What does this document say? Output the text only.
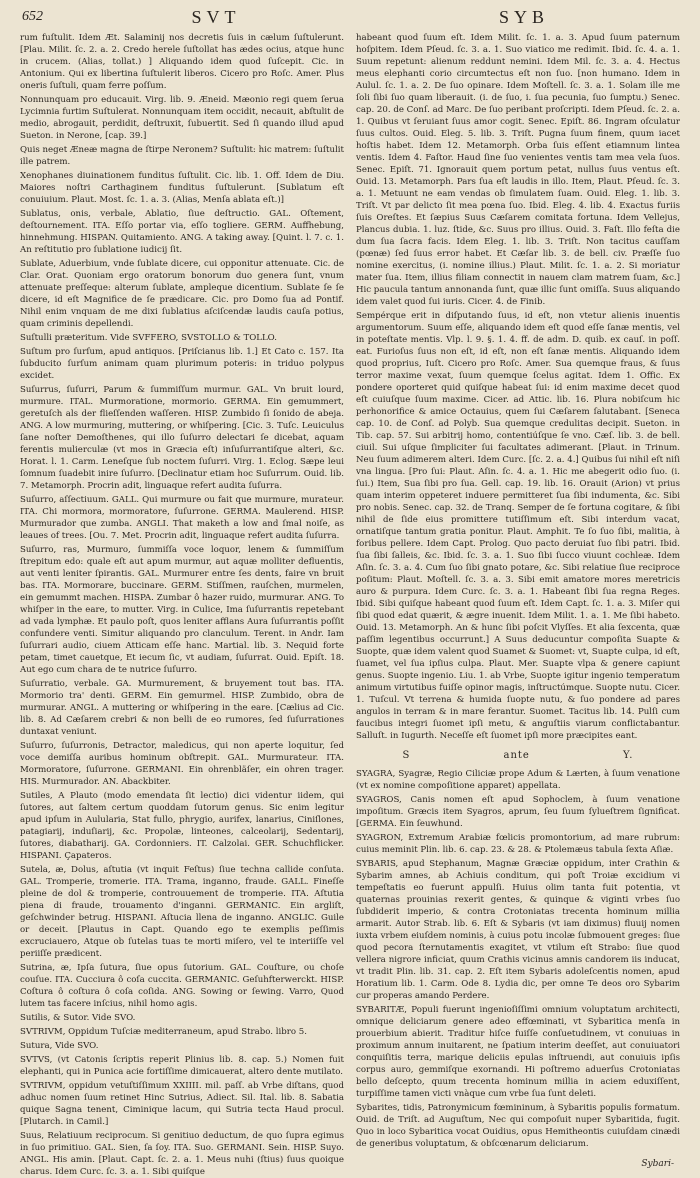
652	SVT	SYB

rum fuſtulit. Idem Æt. Salaminij nos decretis ſuis in cælum ſuſtulerunt. [Plau. Milit. ſc. 2. a. 2. Credo herele ſuſtollat has ædes ocius, atque hunc in crucem. (Alias, tollat.) ] Aliquando idem quod ſuſcepit. Cic. in Antonium. Qui ex libertina ſuſtulerit liberos. Cicero pro Roſc. Amer. Plus oneris ſuſtuli, quam ferre poſſum.

Nonnunquam pro educauit. Virg. lib. 9. Æneid. Mæonio regi quem ſerua Lycimnia furtim Suſtulerat. Nonnunquam item occidit, necauit, abſtulit de medio, abrogauit, perdidit, deſtruxit, ſubuertit. Sed ſi quando illud apud Sueton. in Nerone, [cap. 39.]

Quis neget Æneæ magna de ſtirpe Neronem? Suſtulit: hic matrem: ſuſtulit ille patrem.

Xenophanes diuinationem funditus ſuſtulit. Cic. lib. 1. Off. Idem de Diu. Maiores noſtri Carthaginem funditus ſuſtulerunt. [Sublatum eſt conuiuium. Plaut. Most. ſc. 1. a. 3. (Alias, Menſa ablata eſt.)]

Sublatus, onis, verbale, Ablatio, ſiue deſtructio. GAL. Oſtement, deſtournement. ITA. Eſſo portar via, eſſo togliere. GERM. Auffhebung, hinnehmung. HISPAN. Quitamiento. ANG. A taking away. [Quint. l. 7. c. 1. An reſtitutio pro ſublatione iudicij ſit.

Sublate, Aduerbium, vnde ſublate dicere, cui opponitur attenuate. Cic. de Clar. Orat. Quoniam ergo oratorum bonorum duo genera ſunt, vnum attenuate preſſeque: alterum ſublate, ampleque dicentium. Sublate ſe ſe dicere, id eſt Magnifice de ſe prædicare. Cic. pro Domo ſua ad Pontif. Nihil enim vnquam de me dixi ſublatius aſciſcendæ laudis cauſa potius, quam criminis depellendi.

Suſtulli præteritum. Vide SVFFERO, SVSTOLLO & TOLLO.

Suſtum pro ſurſum, apud antiquos. [Priſcianus lib. 1.] Et Cato c. 157. Ita ſubducito ſurſum animam quam plurimum poteris: in triduo polypus excidet.

Suſurrus, ſuſurri, Parum & ſummiſſum murmur. GAL. Vn bruit lourd, murmure. ITAL. Murmoratione, mormorio. GERMA. Ein gemummert, geretuſch als der flieſſenden waſſeren. HISP. Zumbido ſi ſonido de abeja. ANG. A low murmuring, muttering, or whiſpering. [Cic. 3. Tuſc. Leuiculus ſane noſter Demoſthenes, qui illo ſuſurro delectari ſe dicebat, aquam ferentis mulierculæ (vt mos in Græcia eſt) inſuſurrantiſque alteri, &c. Horat. l. 1. Carm. Leneſque ſub noctem ſuſurri. Virg. 1. Eclog. Sæpe leui ſomnum ſuadebit inire ſuſurro. [Declinatur etiam hoc Suſurrum. Ouid. lib. 7. Metamorph. Procrin adit, linguaque refert audita ſuſurra.

Suſurro, aſſectiuum. GALL. Qui murmure ou fait que murmure, murateur. ITA. Chi mormora, mormoratore, ſuſurrone. GERMA. Maulerend. HISP. Murmurador que zumba. ANGLI. That maketh a low and ſmal noiſe, as leaues of trees. [Ou. 7. Met. Procrin adit, linguaque refert audita ſuſurra.

Suſurro, ras, Murmuro, ſummiſſa voce loquor, lenem & ſummiſſum ſtrepitum edo: quale eſt aut apum murmur, aut aquæ molliter defluentis, aut venti leniter ſpirantis. GAL. Murmurer entre ſes dents, faire vn bruit bas. ITA. Mormorare, buccinare. GERM. Stiſſmen, rauſchen, murmelen, ein gemummt machen. HISPA. Zumbar ô hazer ruido, murmurar. ANG. To whiſper in the eare, to mutter. Virg. in Culice, Ima ſuſurrantis repetebant ad vada lymphæ. Et paulo poſt, quos leniter afflans Aura ſuſurrantis poſſit confundere venti. Simitur aliquando pro clanculum. Terent. in Andr. Iam ſuſurrari audio, ciuem Atticam eſſe hanc. Martial. lib. 3. Nequid forte petam, timet cauetque, Et iecum ſic, vt audiam, ſuſurrat. Ouid. Epiſt. 18. Aut ego cum chara de te nutrice ſuſurro.

Suſurratio, verbale. GA. Murmurement, & bruyement tout bas. ITA. Mormorio tra' denti. GERM. Ein gemurmel. HISP. Zumbido, obra de murmurar. ANGL. A muttering or whiſpering in the eare. [Cælius ad Cic. lib. 8. Ad Cæſarem crebri & non belli de eo rumores, ſed ſuſurrationes duntaxat veniunt.

Suſurro, ſuſurronis, Detractor, maledicus, qui non aperte loquitur, ſed voce demiſſa auribus hominum obſtrepit. GAL. Murmurateur. ITA. Mormoratore, ſuſurrone. GERMANI. Ein ohrenbläſer, ein ohren trager. HIS. Murmurador. AN. Abackbiter.

Sutiles, A Plauto (modo emendata ſit lectio) dici videntur iidem, qui ſutores, aut ſaltem certum quoddam ſutorum genus. Sic enim legitur apud ipſum in Aulularia, Stat fullo, phrygio, aurifex, lanarius, Ciniſlones, patagiarij, induſiarij, &c. Propolæ, linteones, calceolarij, Sedentarij, ſutores, diabatharij. GA. Cordonniers. IT. Calzolai. GER. Schuchflicker. HISPANI. Çapateros.

Sutela, æ, Dolus, aſtutia (vt inquit Feſtus) ſiue techna callide conſuta. GAL. Tromperie, tromerie. ITA. Trama, inganno, fraude. GALL. Fineſſe pleine de dol & tromperie, controuuement de tromperie. ITA. Aſtutia piena di fraude, trouamento d'inganni. GERMANIC. Ein argliſt, geſchwinder betrug. HISPANI. Aſtucia llena de inganno. ANGLIC. Guile or deceit. [Plautus in Capt. Quando ego te exemplis peſſimis excruciauero, Atque ob ſutelas tuas te morti miſero, vel te interiiſſe vel periiſſe prædicent.

Sutrina, æ, Ipſa ſutura, ſiue opus ſutorium. GAL. Couſture, ou choſe couſue. ITA. Cucciura ô coſa cuccita. GERMANIC. Geſuhfterwerckt. HISP. Coſtura ô coſtura ô coſa coſida. ANG. Sowing or ſewing. Varro, Quod lutem tas facere inſcius, nihil homo agis.

Sutilis, & Sutor. Vide SVO.

SVTRIVM, Oppidum Tuſciæ mediterraneum, apud Strabo. libro 5.

Sutura, Vide SVO.

SVTVS, (vt Catonis ſcriptis reperit Plinius lib. 8. cap. 5.) Nomen fuit elephanti, qui in Punica acie fortiſſime dimicauerat, altero dente mutilato.

SVTRIVM, oppidum vetuſtiſſimum XXIIII. mil. paſſ. ab Vrbe diſtans, quod adhuc nomen ſuum retinet Hinc Sutrius, Adiect. Sil. Ital. lib. 8. Sabatia quique Sagna tenent, Ciminique lacum, qui Sutria tecta Haud procul. [Plutarch. in Camil.]

Suus, Relatiuum reciprocum. Si genitiuo deductum, de quo ſupra egimus in ſuo primitiuo. GAL. Sien, ſa ſoy. ITA. Suo. GERMANI. Sein. HISP. Suyo. ANGL. His amin. [Plaut. Capt. ſc. 2. a. 1. Meus nuhi (ſtius) ſuus quoique charus. Idem Curc. ſc. 3. a. 1. Sibi quiſque

habeant quod ſuum eſt. Idem Milit. ſc. 1. a. 3. Apud ſuum paternum hoſpitem. Idem Pſeud. ſc. 3. a. 1. Suo viatico me redimit. Ibid. ſc. 4. a. 1. Suum repetunt: alienum reddunt nemini. Idem Mil. ſc. 3. a. 4. Hectus meus elephanti corio circumtectus eſt non ſuo. [non humano. Idem in Aulul. ſc. 1. a. 2. De ſuo opinare. Idem Moſtell. ſc. 3. a. 1. Solam ille me ſoli ſibi ſuo quam liberauit. (i. de ſuo, i. ſua pecunia, ſuo ſumptu.) Senec. cap. 20. de Conſ. ad Marc. De ſuo peribant proſcripti. Idem Pſeud. ſc. 2. a. 1. Quibus vt ſeruiant ſuus amor cogit. Senec. Epiſt. 86. Ingram oſculatur ſuus cultos. Ouid. Eleg. 5. lib. 3. Triſt. Pugna ſuum finem, quum iacet hoſtis habet. Idem 12. Metamorph. Orba ſuis eſſent etiamnum lintea ventis. Idem 4. Faſtor. Haud ſine ſuo venientes ventis tam mea vela ſuos. Senec. Epiſt. 71. Ignorauit quem portum petat, nullus ſuus ventus eſt. Ouid. 13. Metamorph. Pars ſua eſt laudis in illo. Item, Plaut. Pſeud. ſc. 3. a. 1. Metuunt ne eam vendas ob ſimulatem ſuam. Ouid. Eleg. 1. lib. 3. Triſt. Vt par delicto ſit mea pœna ſuo. Ibid. Eleg. 4. lib. 4. Exactus furiis ſuis Oreſtes. Et ſæpius Suus Cæſarem comitata fortuna. Idem Vellejus, Plancus dubia. 1. luz. ſtide, &c. Suus pro illius. Ouid. 3. Faſt. Illo feſta die dum ſua ſacra facis. Idem Eleg. 1. lib. 3. Triſt. Non tacitus cauſſam (pœnæ) ſed ſuus error habet. Et Cæſar lib. 3. de bell. civ. Præſſe ſuo nomine exercitus, (i. nomine illius.) Plaut. Milit. ſc. 1. a. 2. Si moriatur mater ſua. Item, illius filiam connectit in nauem clam matrem ſuam, &c.] Hic paucula tantum annonanda ſunt, quæ illic ſunt omiſſa. Suus aliquando idem valet quod ſui iuris. Cicer. 4. de Finib.

Sempérque erit in diſputando ſuus, id eſt, non vtetur alienis inuentis argumentorum. Suum eſſe, aliquando idem eſt quod eſſe ſanæ mentis, vel in poteſtate mentis. Vlp. l. 9. §. 1. 4. ff. de adm. D. quib. ex cauſ. in poſſ. eat. Furioſus ſuus non eſt, id eſt, non eſt ſanæ mentis. Aliquando idem quod proprius, Iuſt. Cicero pro Roſc. Amer. Sua quemque fraus, & ſuus terror maxime vexat, ſuum quemque ſcelus agitat. Idem 1. Offic. Ex pondere oporteret quid quiſque habeat ſui: id enim maxime decet quod eſt cuiuſque ſuum maxime. Cicer. ad Attic. lib. 16. Plura nobiſcum hic perhonorifice & amice Octauius, quem ſui Cæſarem ſalutabant. [Seneca cap. 10. de Conſ. ad Polyb. Sua quemque credulitas decipit. Sueton. in Tib. cap. 57. Sui arbitrij homo, contentiúſque ſe vno. Cæſ. lib. 3. de bell. ciuil. Sui uſque ſimpliciter ſui facultates adimerant. [Plaut. in Trinum. Neu ſuum adimerem alteri. Idem Curc. [ſc. 2. a. 4.] Quibus ſui nihil eſt niſi vna lingua. [Pro ſui: Plaut. Aſin. ſc. 4. a. 1. Hic me abegerit odio ſuo. (i. ſui.) Item, Sua ſibi pro ſua. Gell. cap. 19. lib. 16. Orauit (Arion) vt prius quam interim oppeteret induere permitteret ſua ſibi indumenta, &c. Sibi pro nobis. Senec. cap. 32. de Tranq. Semper de ſe fortuna cogitare, & ſibi nihil de ſide eius promittere tutiſſimum eſt. Sibi interdum vacat, ornatiſque tantum gratia ponitur. Plaut. Amphit. Te ſo ſuo ſibi, malitia, à foribus pellere. Idem Capt. Prolog. Quo pacto deruiat ſuo ſibi patri. Ibid. ſua ſibi ſalleis, &c. Ibid. ſc. 3. a. 1. Suo ſibi ſucco viuunt cochleæ. Idem Aſin. ſc. 3. a. 4. Cum ſuo ſibi gnato potare, &c. Sibi relatiue ſiue reciproce poſitum: Plaut. Moſtell. ſc. 3. a. 3. Sibi emit amatore mores meretricis auro & purpura. Idem Curc. ſc. 3. a. 1. Habeant ſibi ſua regna Reges. Ibid. Sibi quiſque habeant quod ſuum eſt. Idem Capt. ſc. 1. a. 3. Miſer qui ſibi quod edat quærit, & ægre inuenit. Idem Milit. 1. a. 1. Me ſibi habeto. Ouid. 13. Metamorph. An & hunc ſibi poſcit Vlyſſes. Et alia ſexcenta, quæ paſſim legentibus occurrunt.] A Suus deducuntur compoſita Suapte & Suopte, quæ idem valent quod Suamet & Suomet: vt, Suapte culpa, id eſt, ſuamet, vel ſua ipſius culpa. Plaut. Mer. Suapte vlpa & genere capiunt genus. Suopte ingenio. Liu. 1. ab Vrbe, Suopte igitur ingenio temperatum animum virtutibus fuiſſe opinor magis, inſtructúmque. Suopte nutu. Cicer. 1. Tuſcul. Vt terrena & humida ſuopte nutu, & ſuo pondere ad pares angulos in terram & in mare ferantur. Suomet. Tacitus lib. 14. Pulſi cum faucibus integri ſuomet ipſi metu, & anguſtiis viarum conflictabantur. Salluſt. in Iugurth. Neceſſe eſt ſuomet ipſi more præcipites eant.

S	ante	Y.

SYAGRA, Syagræ, Regio Ciliciæ prope Adum & Lærten, à ſuum venatione (vt ex nomine compoſitione apparet) appellata.

SYAGROS, Canis nomen eſt apud Sophoclem, à ſuum venatione impoſitum. Græcis item Syagros, aprum, ſeu ſuum ſylueſtrem ſignificat. [GERMA. Ein ſeuwhund.

SYAGRON, Extremum Arabiæ fœlicis promontorium, ad mare rubrum: cuius meminit Plin. lib. 6. cap. 23. & 28. & Ptolemæus tabula ſexta Aſiæ.

SYBARIS, apud Stephanum, Magnæ Græciæ oppidum, inter Crathin & Sybarim amnes, ab Achiuis conditum, qui poſt Troiæ excidium vi tempeſtatis eo fuerunt appulſi. Huius olim tanta fuit potentia, vt quaternas prouinias rexerit gentes, & quinque & viginti vrbes ſuo ſubdiderit imperio, & contra Crotoniatas trecenta hominum millia armarit. Autor Strab. lib. 6. Eſt & Sybaris (vt iam diximus) fluuij nomen iuxta vrbem eiuſdem nominis, à cuius potu incolæ ſubmouent greges: ſiue quod pecora ſternutamentis exagitet, vt vtilum eſt Strabo: ſiue quod vellera nigrore inficiat, quum Crathis vicinus amnis candorem iis inducat, vt tradit Plin. lib. 31. cap. 2. Eſt item Sybaris adoleſcentis nomen, apud Horatium lib. 1. Carm. Ode 8. Lydia dic, per omne Te deos oro Sybarim cur properas amando Perdere.

SYBARITÆ, Populi fuerunt ingenioſiſſimi omnium voluptatum architecti, omnique deliciarum genere adeo effœminati, vt Sybaritica menſa in prouerbium abierit. Traditur hiſce fuiſſe conſuetudinem, vt conuiuas in proximum annum inuitarent, ne ſpatium interim deeſſet, aut conuiuatori conquiſitis terra, marique deliciis epulas inſtruendi, aut conuiuis ipſis corpus auro, gemmiſque exornandi. Hi poſtremo aduerſus Crotoniatas bello deſcepto, quum trecenta hominum millia in aciem eduxiſſent, turpiſſime tamen victi vnàque cum vrbe ſua ſunt deleti.

Sybarites, tidis, Patronymicum fœmininum, à Sybaritis populis formatum. Ouid. de Triſt. ad Auguſtum, Nec qui compoſuit nuper Sybaritida, fugit. Quo in loco Sybaritica vocat Ouidius, opus Hemitheontis cuiuſdam cinædi de generibus voluptatum, & obſcœnarum deliciarum.

Sybari-
